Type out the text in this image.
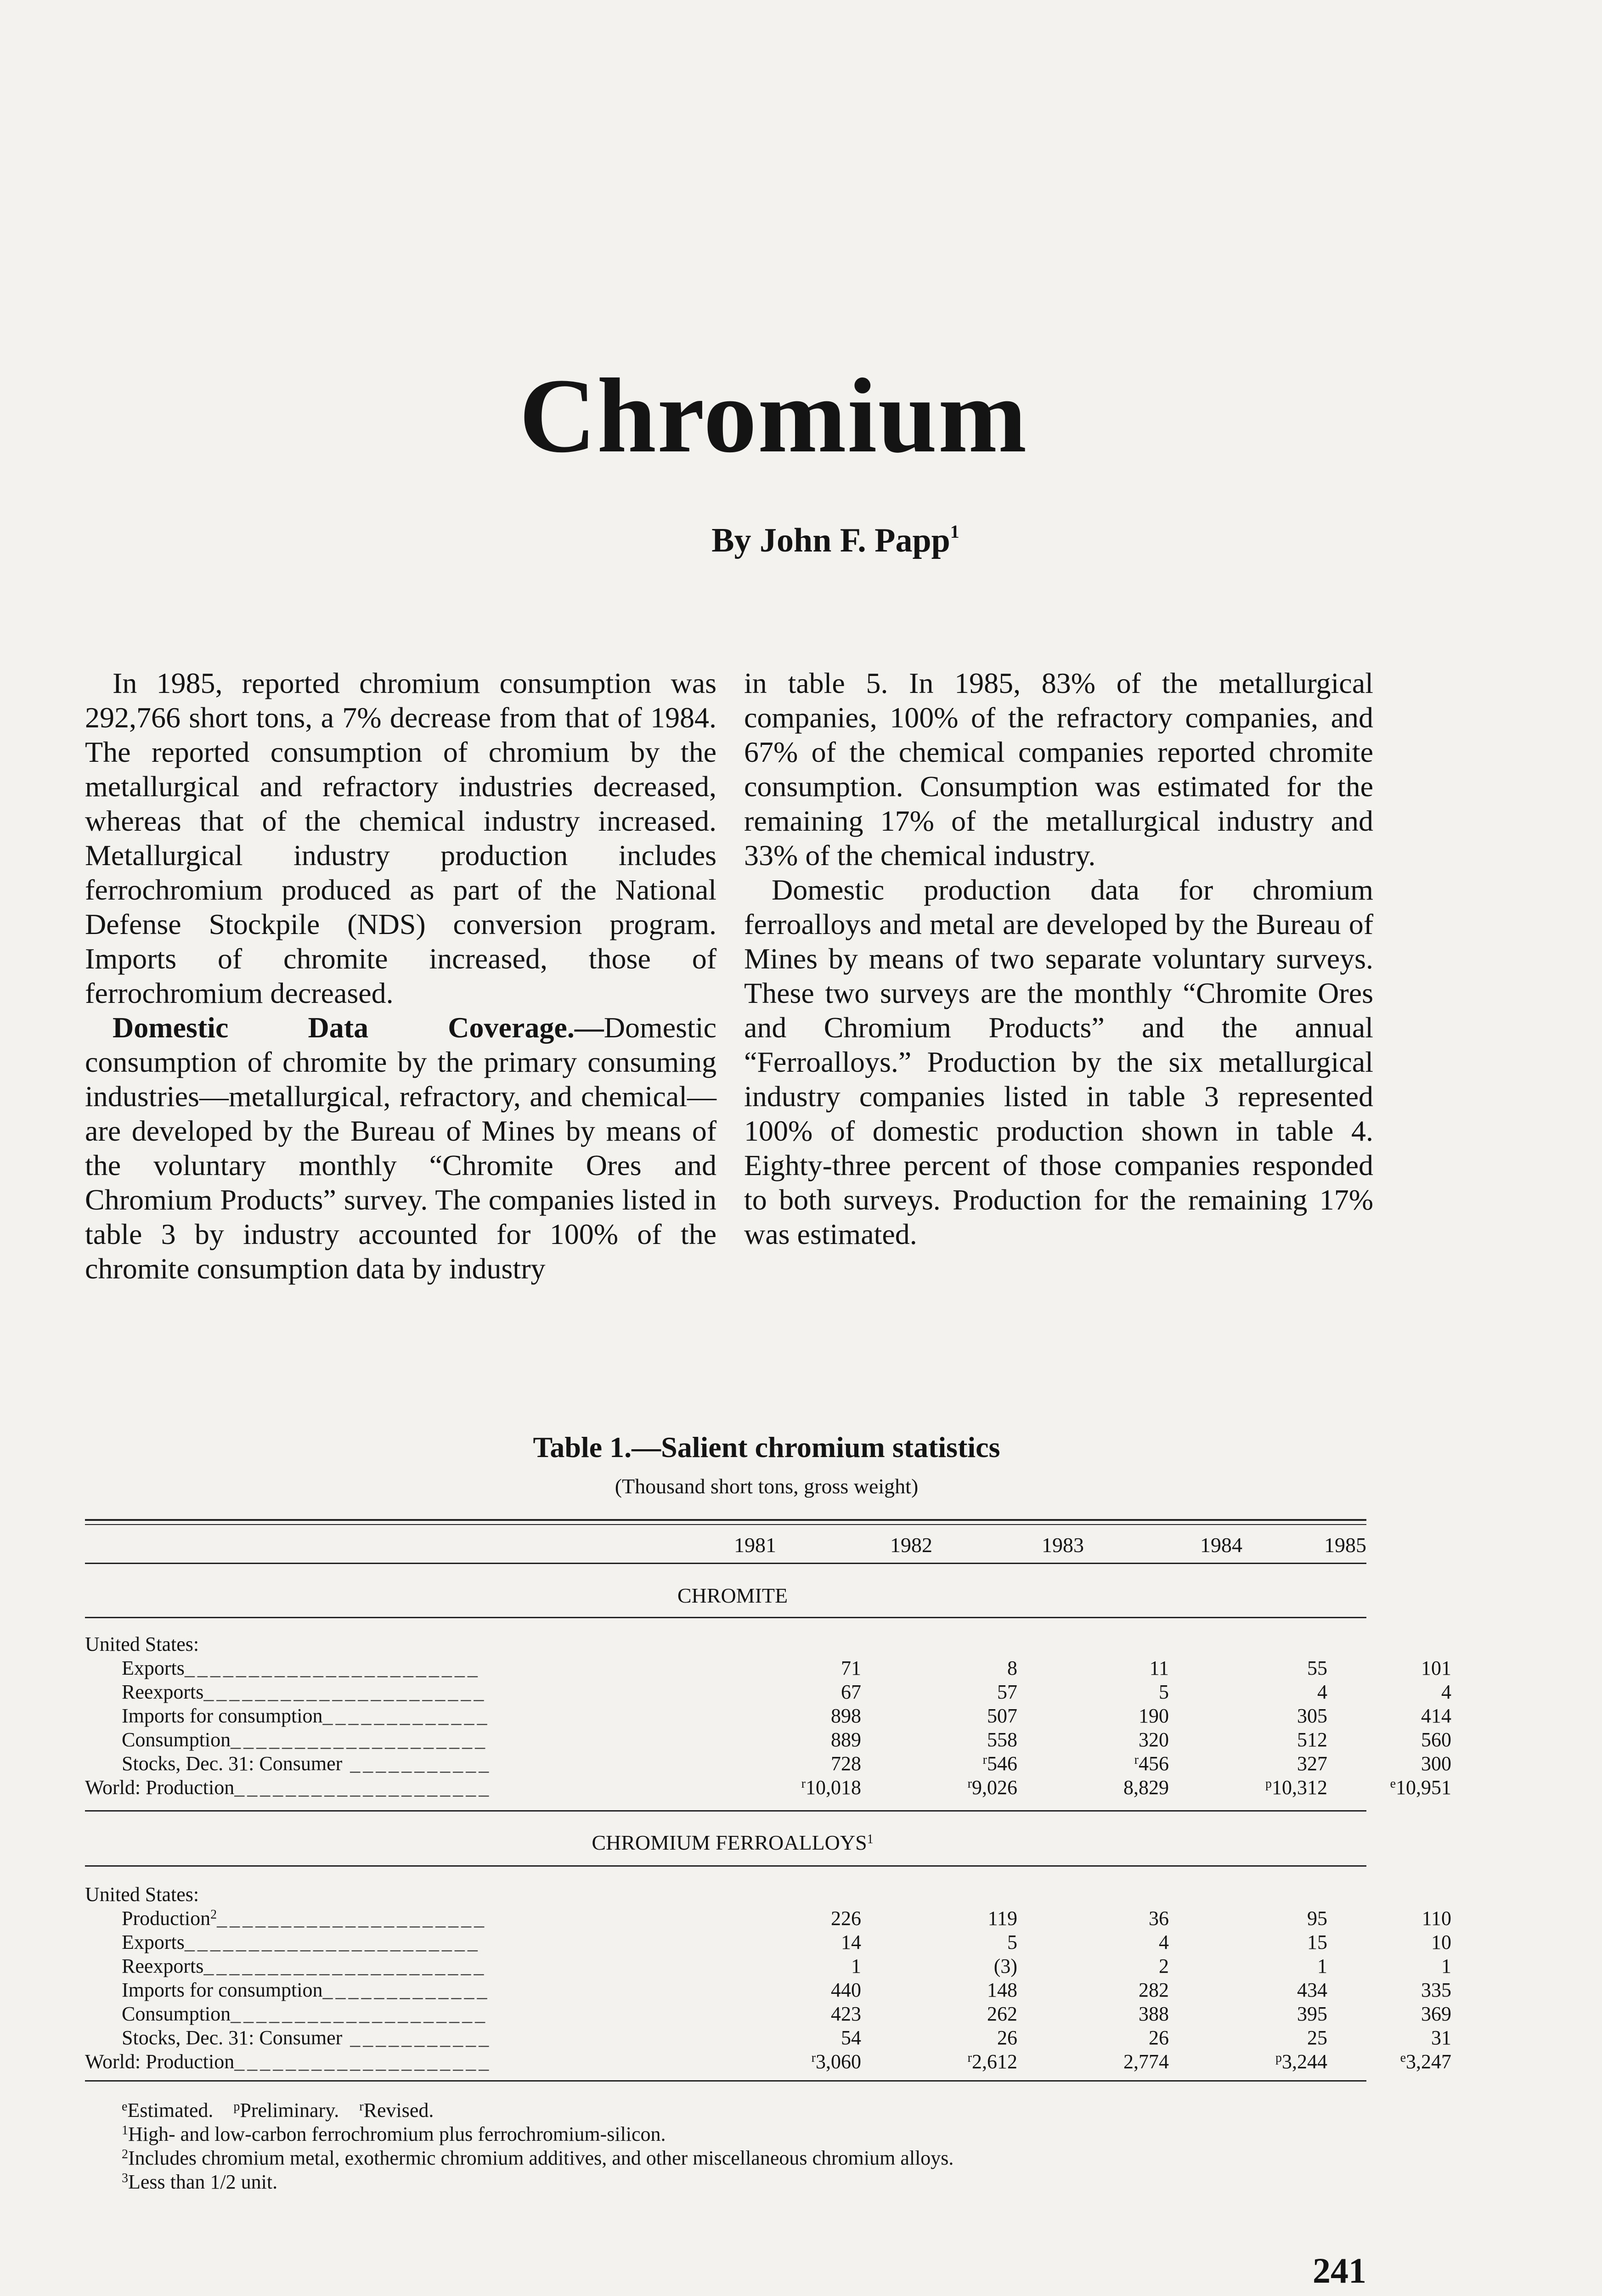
Chromium
By John F. Papp$^1$

In 1985, reported chromium consumption was 292,766 short tons, a 7% decrease from that of 1984. The reported consumption of chromium by the metallurgical and refractory industries decreased, whereas that of the chemical industry increased. Metallurgical industry production includes ferrochromium produced as part of the National Defense Stockpile (NDS) conversion program. Imports of chromite increased, those of ferrochromium decreased.

Domestic Data Coverage.—Domestic consumption of chromite by the primary consuming industries—metallurgical, refractory, and chemical—are developed by the Bureau of Mines by means of the voluntary monthly “Chromite Ores and Chromium Products” survey. The companies listed in table 3 by industry accounted for 100% of the chromite consumption data by industry

in table 5. In 1985, 83% of the metallurgical companies, 100% of the refractory companies, and 67% of the chemical companies reported chromite consumption. Consumption was estimated for the remaining 17% of the metallurgical industry and 33% of the chemical industry.

Domestic production data for chromium ferroalloys and metal are developed by the Bureau of Mines by means of two separate voluntary surveys. These two surveys are the monthly “Chromite Ores and Chromium Products” and the annual “Ferroalloys.” Production by the six metallurgical industry companies listed in table 3 represented 100% of domestic production shown in table 4. Eighty-three percent of those companies responded to both surveys. Production for the remaining 17% was estimated.

Table 1.—Salient chromium statistics
(Thousand short tons, gross weight)
1981	1982	1983	1984	1985
CHROMITE
United States:
Exports_______________________	71	8	11	55	101
Reexports______________________	67	57	5	4	4
Imports for consumption_____________	898	507	190	305	414
Consumption____________________	889	558	320	512	560
Stocks, Dec. 31: Consumer ___________	728	$^r$546	$^r$456	327	300
World: Production____________________	$^r$10,018	$^r$9,026	8,829	$^p$10,312	$^e$10,951
CHROMIUM FERROALLOYS$^1$
United States:
Production$^2$_____________________	226	119	36	95	110
Exports_______________________	14	5	4	15	10
Reexports______________________	1	(3)	2	1	1
Imports for consumption_____________	440	148	282	434	335
Consumption____________________	423	262	388	395	369
Stocks, Dec. 31: Consumer ___________	54	26	26	25	31
World: Production____________________	$^r$3,060	$^r$2,612	2,774	$^p$3,244	$^e$3,247
$^e$Estimated. $^p$Preliminary. $^r$Revised.
$^1$High- and low-carbon ferrochromium plus ferrochromium-silicon.
$^2$Includes chromium metal, exothermic chromium additives, and other miscellaneous chromium alloys.
$^3$Less than 1/2 unit.
241
